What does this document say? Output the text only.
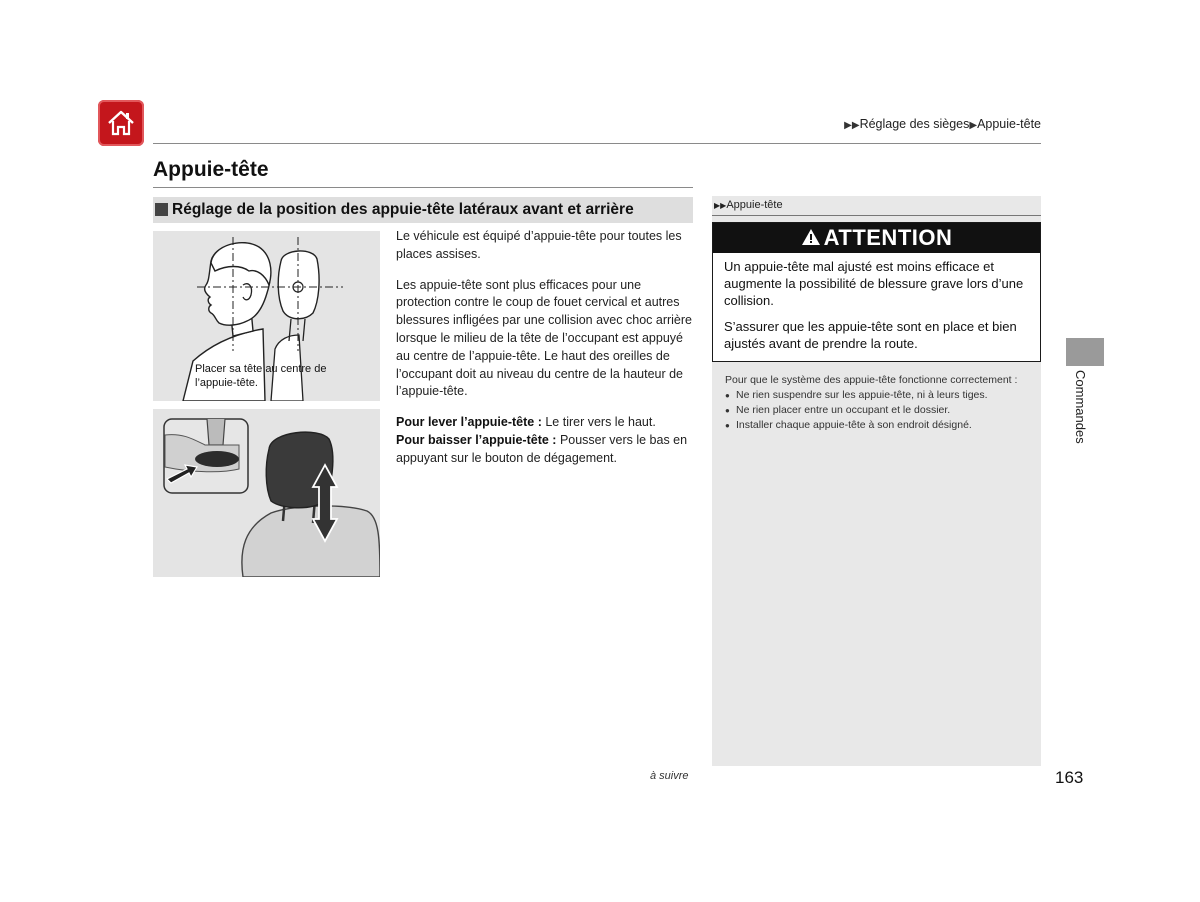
▶▶Réglage des sièges▶Appuie-tête
Appuie-tête
Réglage de la position des appuie-tête latéraux avant et arrière
Placer sa tête au centre de l’appuie-tête.

Le véhicule est équipé d’appuie-tête pour toutes les places assises.

Les appuie-tête sont plus efficaces pour une protection contre le coup de fouet cervical et autres blessures infligées par une collision avec choc arrière lorsque le milieu de la tête de l’occupant est appuyé au centre de l’appuie-tête. Le haut des oreilles de l’occupant doit au niveau du centre de la hauteur de l’appuie-tête.

Pour lever l’appuie-tête : Le tirer vers le haut.

Pour baisser l’appuie-tête : Pousser vers le bas en appuyant sur le bouton de dégagement.

▶▶Appuie-tête
ATTENTION

Un appuie-tête mal ajusté est moins efficace et augmente la possibilité de blessure grave lors d’une collision.

S’assurer que les appuie-tête sont en place et bien ajustés avant de prendre la route.

Pour que le système des appuie-tête fonctionne correctement :
● Ne rien suspendre sur les appuie-tête, ni à leurs tiges.
● Ne rien placer entre un occupant et le dossier.
● Installer chaque appuie-tête à son endroit désigné.	Commandes
à suivre	163
